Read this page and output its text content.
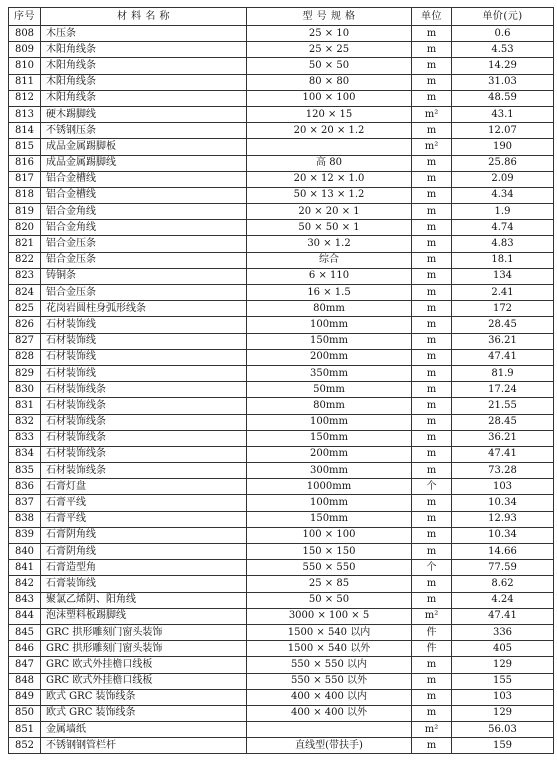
序号	材 料 名 称	型 号 规 格	单位	单价(元)
808	木压条	25 × 10	m	0.6
809	木阳角线条	25 × 25	m	4.53
810	木阳角线条	50 × 50	m	14.29
811	木阳角线条	80 × 80	m	31.03
812	木阳角线条	100 × 100	m	48.59
813	硬木踢脚线	120 × 15	m²	43.1
814	不锈钢压条	20 × 20 × 1.2	m	12.07
815	成品金属踢脚板		m²	190
816	成品金属踢脚线	高 80	m	25.86
817	铝合金槽线	20 × 12 × 1.0	m	2.09
818	铝合金槽线	50 × 13 × 1.2	m	4.34
819	铝合金角线	20 × 20 × 1	m	1.9
820	铝合金角线	50 × 50 × 1	m	4.74
821	铝合金压条	30 × 1.2	m	4.83
822	铝合金压条	综合	m	18.1
823	铸铜条	6 × 110	m	134
824	铝合金压条	16 × 1.5	m	2.41
825	花岗岩圆柱身弧形线条	80mm	m	172
826	石材装饰线	100mm	m	28.45
827	石材装饰线	150mm	m	36.21
828	石材装饰线	200mm	m	47.41
829	石材装饰线	350mm	m	81.9
830	石材装饰线条	50mm	m	17.24
831	石材装饰线条	80mm	m	21.55
832	石材装饰线条	100mm	m	28.45
833	石材装饰线条	150mm	m	36.21
834	石材装饰线条	200mm	m	47.41
835	石材装饰线条	300mm	m	73.28
836	石膏灯盘	1000mm	个	103
837	石膏平线	100mm	m	10.34
838	石膏平线	150mm	m	12.93
839	石膏阴角线	100 × 100	m	10.34
840	石膏阴角线	150 × 150	m	14.66
841	石膏造型角	550 × 550	个	77.59
842	石膏装饰线	25 × 85	m	8.62
843	聚氯乙烯阴、阳角线	50 × 50	m	4.24
844	泡沫塑料板踢脚线	3000 × 100 × 5	m²	47.41
845	GRC 拱形雕刻门窗头装饰	1500 × 540 以内	件	336
846	GRC 拱形雕刻门窗头装饰	1500 × 540 以外	件	405
847	GRC 欧式外挂檐口线板	550 × 550 以内	m	129
848	GRC 欧式外挂檐口线板	550 × 550 以外	m	155
849	欧式 GRC 装饰线条	400 × 400 以内	m	103
850	欧式 GRC 装饰线条	400 × 400 以外	m	129
851	金属墙纸		m²	56.03
852	不锈钢钢管栏杆	直线型(带扶手)	m	159
